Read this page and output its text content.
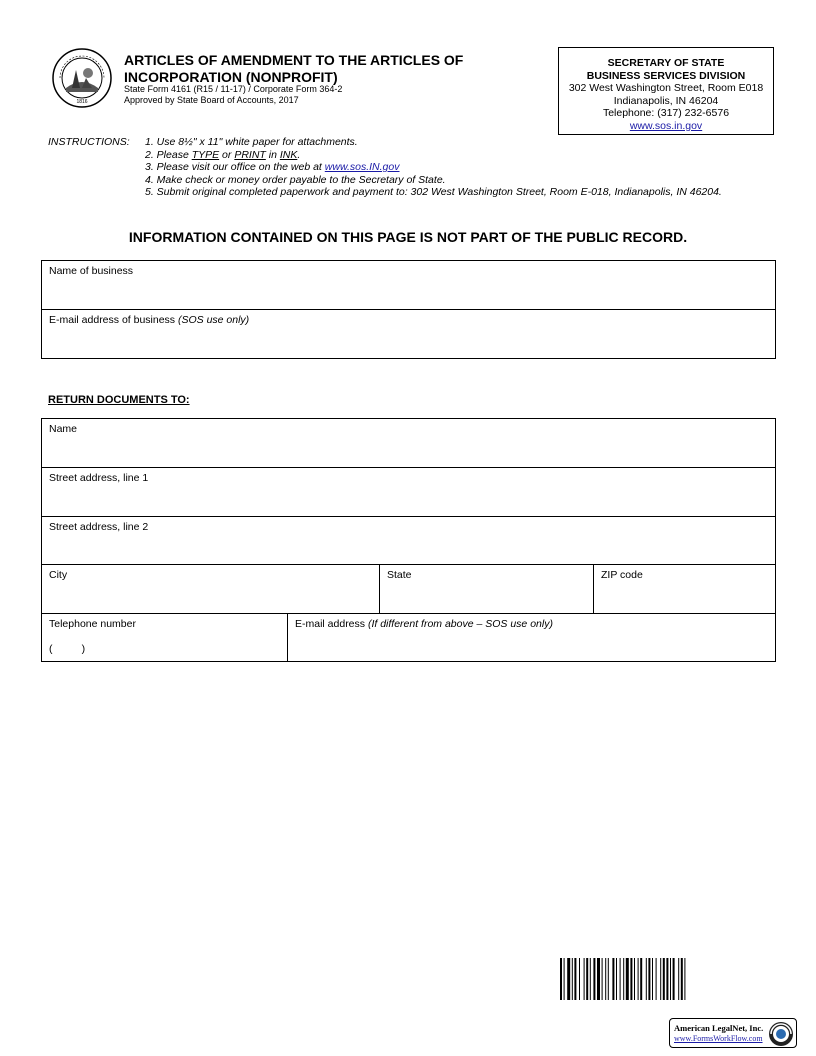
1816
ARTICLES OF AMENDMENT TO THE ARTICLES OF INCORPORATION (NONPROFIT)
State Form 4161 (R15 / 11-17) / Corporate Form 364-2
Approved by State Board of Accounts, 2017
SECRETARY OF STATE
BUSINESS SERVICES DIVISION
302 West Washington Street, Room E018
Indianapolis, IN 46204
Telephone: (317) 232-6576
www.sos.in.gov
INSTRUCTIONS: 1. Use 8½" x 11" white paper for attachments.
2. Please TYPE or PRINT in INK.
3. Please visit our office on the web at www.sos.IN.gov
4. Make check or money order payable to the Secretary of State.
5. Submit original completed paperwork and payment to: 302 West Washington Street, Room E-018, Indianapolis, IN 46204.
INFORMATION CONTAINED ON THIS PAGE IS NOT PART OF THE PUBLIC RECORD.
Name of business
E-mail address of business (SOS use only)
RETURN DOCUMENTS TO:
Name
Street address, line 1
Street address, line 2
City	State	ZIP code
Telephone number
(          )
E-mail address (If different from above – SOS use only)
American LegalNet, Inc.
www.FormsWorkFlow.com
